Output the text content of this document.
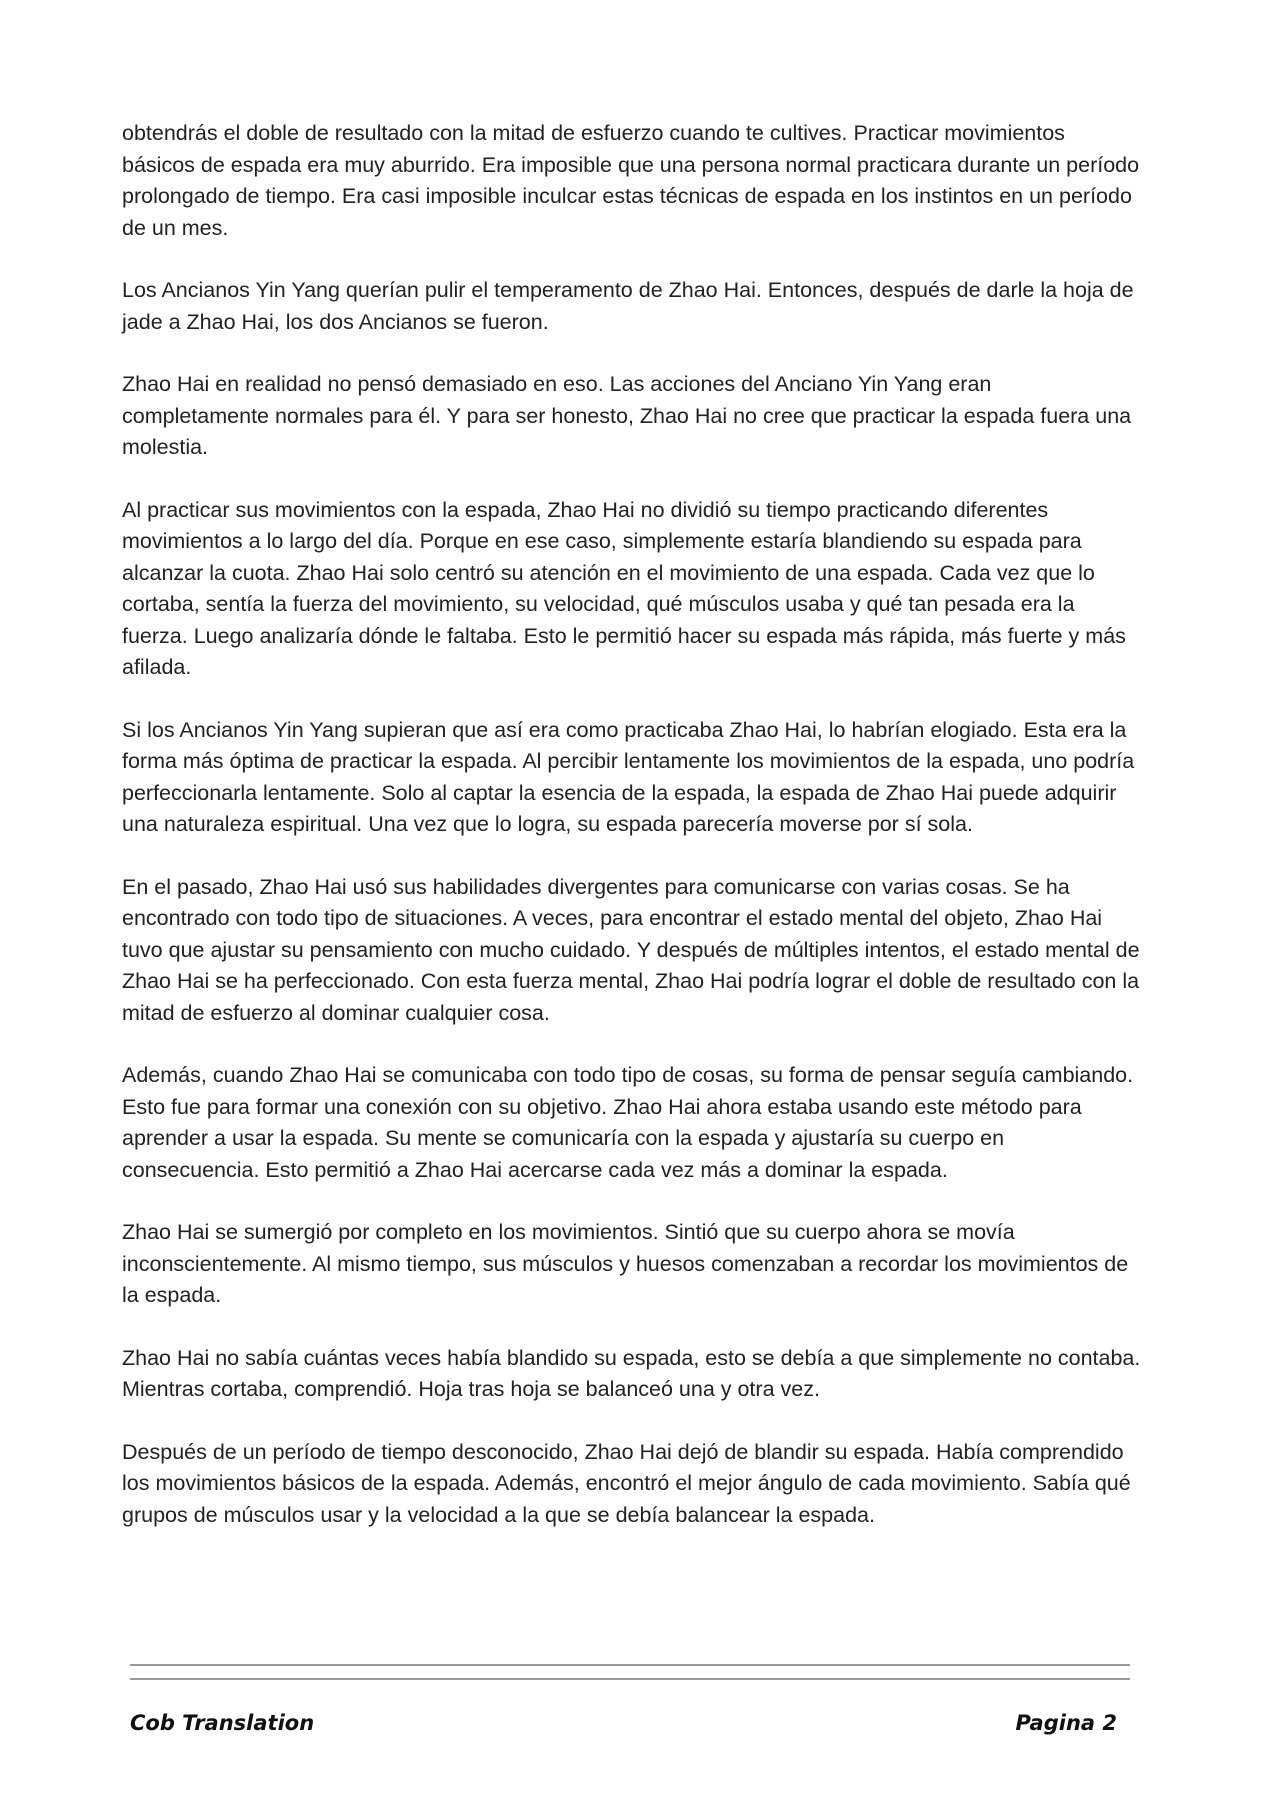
obtendrás el doble de resultado con la mitad de esfuerzo cuando te cultives. Practicar movimientos básicos de espada era muy aburrido. Era imposible que una persona normal practicara durante un período prolongado de tiempo. Era casi imposible inculcar estas técnicas de espada en los instintos en un período de un mes.

Los Ancianos Yin Yang querían pulir el temperamento de Zhao Hai. Entonces, después de darle la hoja de jade a Zhao Hai, los dos Ancianos se fueron.

Zhao Hai en realidad no pensó demasiado en eso. Las acciones del Anciano Yin Yang eran completamente normales para él. Y para ser honesto, Zhao Hai no cree que practicar la espada fuera una molestia.

Al practicar sus movimientos con la espada, Zhao Hai no dividió su tiempo practicando diferentes movimientos a lo largo del día. Porque en ese caso, simplemente estaría blandiendo su espada para alcanzar la cuota. Zhao Hai solo centró su atención en el movimiento de una espada. Cada vez que lo cortaba, sentía la fuerza del movimiento, su velocidad, qué músculos usaba y qué tan pesada era la fuerza. Luego analizaría dónde le faltaba. Esto le permitió hacer su espada más rápida, más fuerte y más afilada.

Si los Ancianos Yin Yang supieran que así era como practicaba Zhao Hai, lo habrían elogiado. Esta era la forma más óptima de practicar la espada. Al percibir lentamente los movimientos de la espada, uno podría perfeccionarla lentamente. Solo al captar la esencia de la espada, la espada de Zhao Hai puede adquirir una naturaleza espiritual. Una vez que lo logra, su espada parecería moverse por sí sola.

En el pasado, Zhao Hai usó sus habilidades divergentes para comunicarse con varias cosas. Se ha encontrado con todo tipo de situaciones. A veces, para encontrar el estado mental del objeto, Zhao Hai tuvo que ajustar su pensamiento con mucho cuidado. Y después de múltiples intentos, el estado mental de Zhao Hai se ha perfeccionado. Con esta fuerza mental, Zhao Hai podría lograr el doble de resultado con la mitad de esfuerzo al dominar cualquier cosa.

Además, cuando Zhao Hai se comunicaba con todo tipo de cosas, su forma de pensar seguía cambiando. Esto fue para formar una conexión con su objetivo. Zhao Hai ahora estaba usando este método para aprender a usar la espada. Su mente se comunicaría con la espada y ajustaría su cuerpo en consecuencia. Esto permitió a Zhao Hai acercarse cada vez más a dominar la espada.

Zhao Hai se sumergió por completo en los movimientos. Sintió que su cuerpo ahora se movía inconscientemente. Al mismo tiempo, sus músculos y huesos comenzaban a recordar los movimientos de la espada.

Zhao Hai no sabía cuántas veces había blandido su espada, esto se debía a que simplemente no contaba. Mientras cortaba, comprendió. Hoja tras hoja se balanceó una y otra vez.

Después de un período de tiempo desconocido, Zhao Hai dejó de blandir su espada. Había comprendido los movimientos básicos de la espada. Además, encontró el mejor ángulo de cada movimiento. Sabía qué grupos de músculos usar y la velocidad a la que se debía balancear la espada.

Cob Translation	Pagina 2
